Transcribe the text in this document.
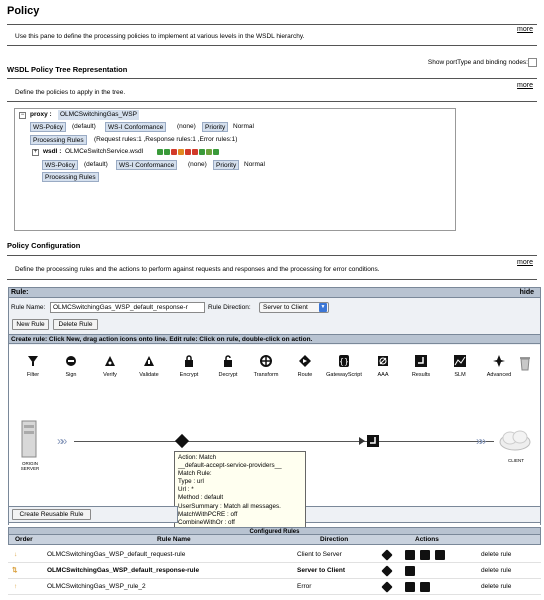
Policy
more
Use this pane to define the processing policies to implement at various levels in the WSDL hierarchy.
Show portType and binding nodes:
WSDL Policy Tree Representation
more
Define the policies to apply in the tree.
− proxy :	OLMCSwitchingGas_WSP
WS-Policy	(default)	WS-I Conformance	(none)	Priority	Normal
Processing Rules	(Request rules:1 ,Response rules:1 ,Error rules:1)
+ wsdl : OLMCeSwitchService.wsdl
WS-Policy	(default)	WS-I Conformance	(none)	Priority	Normal
Processing Rules
Policy Configuration
more
Define the processing rules and the actions to perform against requests and responses and the processing for error conditions.
Rule:	hide
Rule Name:	OLMCSwitchingGas_WSP_default_response-r	Rule Direction:	Server to Client	▼
New Rule	Delete Rule
Create rule: Click New, drag action icons onto line. Edit rule: Click on rule, double-click on action.
Filter	Sign	Verify	Validate	Encrypt	Decrypt	Transform	Route
{}
GatewayScript	AAA	Results	SLM	Advanced
ORIGIN
SERVER
»»	»»
CLIENT
Action: Match
__default-accept-service-providers__
Match Rule:
Type : url
Url : *
Method : default
UserSummary : Match all messages.
MatchWithPCRE : off
CombineWithOr : off
Create Reusable Rule
Configured Rules
Order	Rule Name	Direction	Actions
↓	OLMCSwitchingGas_WSP_default_request-rule	Client to Server	delete rule
⇅	OLMCSwitchingGas_WSP_default_response-rule	Server to Client	delete rule
↑	OLMCSwitchingGas_WSP_rule_2	Error	delete rule
